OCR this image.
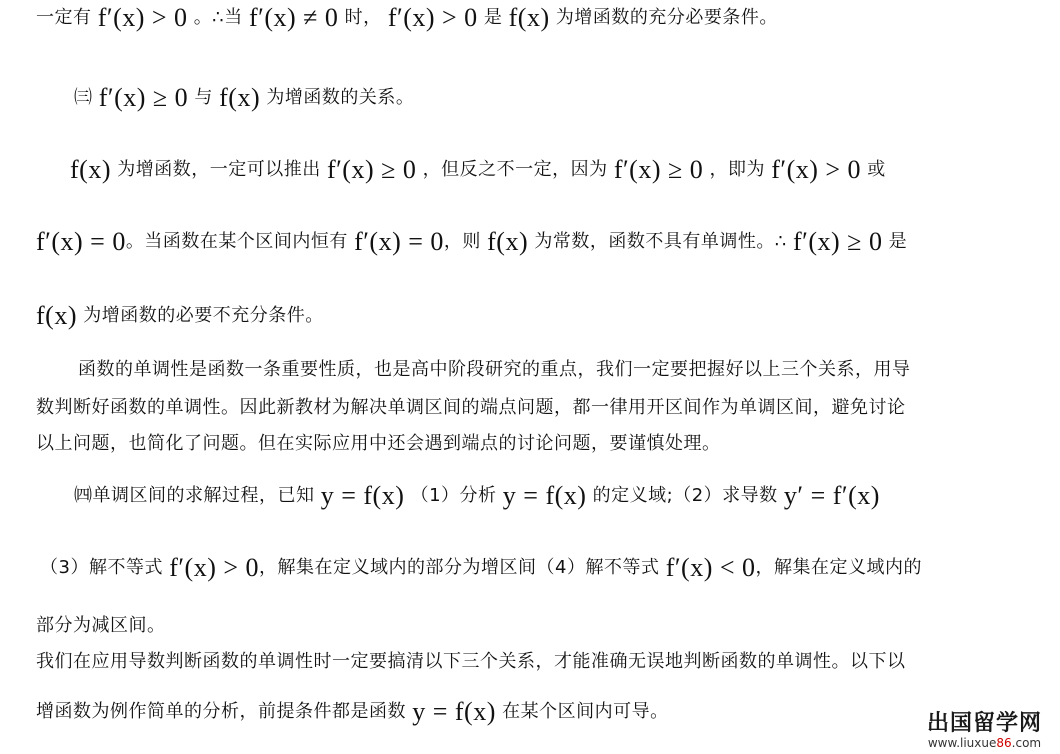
一定有 f′(x) > 0 。∴当 f′(x) ≠ 0 时， f′(x) > 0 是 f(x) 为增函数的充分必要条件。
㈢ f′(x) ≥ 0 与 f(x) 为增函数的关系。
f(x) 为增函数，一定可以推出 f′(x) ≥ 0 ，但反之不一定，因为 f′(x) ≥ 0 ，即为 f′(x) > 0 或
f′(x) = 0。当函数在某个区间内恒有 f′(x) = 0，则 f(x) 为常数，函数不具有单调性。∴ f′(x) ≥ 0 是
f(x) 为增函数的必要不充分条件。
函数的单调性是函数一条重要性质，也是高中阶段研究的重点，我们一定要把握好以上三个关系，用导
数判断好函数的单调性。因此新教材为解决单调区间的端点问题，都一律用开区间作为单调区间，避免讨论
以上问题，也简化了问题。但在实际应用中还会遇到端点的讨论问题，要谨慎处理。
㈣单调区间的求解过程，已知 y = f(x) （1）分析 y = f(x) 的定义域;（2）求导数 y′ = f′(x)
（3）解不等式 f′(x) > 0，解集在定义域内的部分为增区间（4）解不等式 f′(x) < 0，解集在定义域内的
部分为减区间。
我们在应用导数判断函数的单调性时一定要搞清以下三个关系，才能准确无误地判断函数的单调性。以下以
增函数为例作简单的分析，前提条件都是函数 y = f(x) 在某个区间内可导。	出国留学网
www.liuxue86.com
